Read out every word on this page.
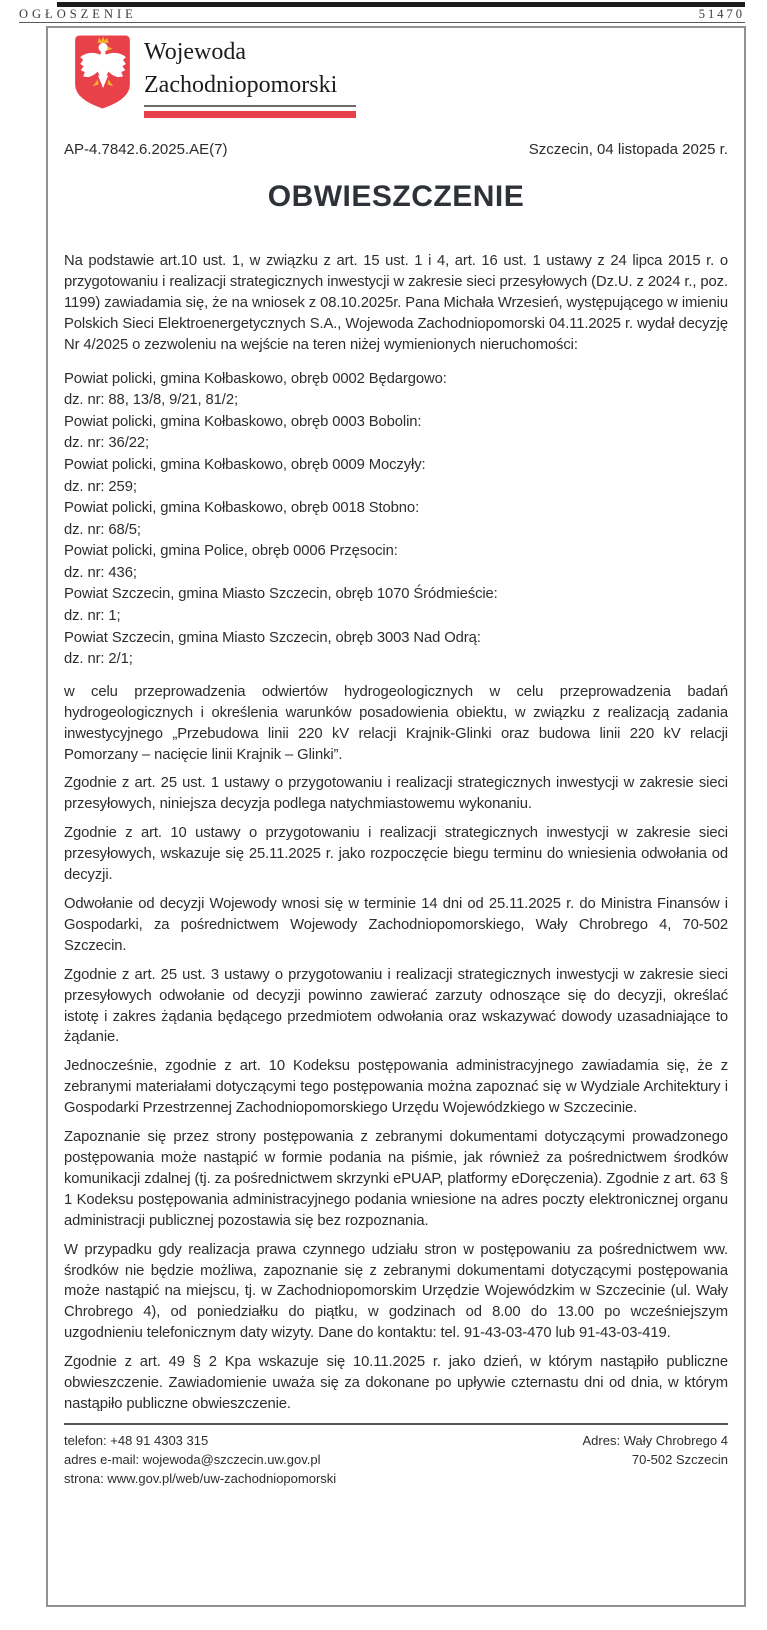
OGŁOSZENIE	51470
Wojewoda
Zachodniopomorski
AP-4.7842.6.2025.AE(7)	Szczecin, 04 listopada 2025 r.
OBWIESZCZENIE

Na podstawie art.10 ust. 1, w związku z art. 15 ust. 1 i 4, art. 16 ust. 1 ustawy z 24 lipca 2015 r. o przygotowaniu i realizacji strategicznych inwestycji w zakresie sieci przesyłowych (Dz.U. z 2024 r., poz. 1199) zawiadamia się, że na wniosek z 08.10.2025r. Pana Michała Wrzesień, występującego w imieniu Polskich Sieci Elektroenergetycznych S.A., Wojewoda Zachodniopomorski 04.11.2025 r. wydał decyzję Nr 4/2025 o zezwoleniu na wejście na teren niżej wymienionych nieruchomości:

Powiat policki, gmina Kołbaskowo, obręb 0002 Będargowo:
dz. nr: 88, 13/8, 9/21, 81/2;
Powiat policki, gmina Kołbaskowo, obręb 0003 Bobolin:
dz. nr: 36/22;
Powiat policki, gmina Kołbaskowo, obręb 0009 Moczyły:
dz. nr: 259;
Powiat policki, gmina Kołbaskowo, obręb 0018 Stobno:
dz. nr: 68/5;
Powiat policki, gmina Police, obręb 0006 Przęsocin:
dz. nr: 436;
Powiat Szczecin, gmina Miasto Szczecin, obręb 1070 Śródmieście:
dz. nr: 1;
Powiat Szczecin, gmina Miasto Szczecin, obręb 3003 Nad Odrą:
dz. nr: 2/1;

w celu przeprowadzenia odwiertów hydrogeologicznych w celu przeprowadzenia badań hydrogeologicznych i określenia warunków posadowienia obiektu, w związku z realizacją zadania inwestycyjnego „Przebudowa linii 220 kV relacji Krajnik-Glinki oraz budowa linii 220 kV relacji Pomorzany – nacięcie linii Krajnik – Glinki”.

Zgodnie z art. 25 ust. 1 ustawy o przygotowaniu i realizacji strategicznych inwestycji w zakresie sieci przesyłowych, niniejsza decyzja podlega natychmiastowemu wykonaniu.

Zgodnie z art. 10 ustawy o przygotowaniu i realizacji strategicznych inwestycji w zakresie sieci przesyłowych, wskazuje się 25.11.2025 r. jako rozpoczęcie biegu terminu do wniesienia odwołania od decyzji.

Odwołanie od decyzji Wojewody wnosi się w terminie 14 dni od 25.11.2025 r. do Ministra Finansów i Gospodarki, za pośrednictwem Wojewody Zachodniopomorskiego, Wały Chrobrego 4, 70-502 Szczecin.

Zgodnie z art. 25 ust. 3 ustawy o przygotowaniu i realizacji strategicznych inwestycji w zakresie sieci przesyłowych odwołanie od decyzji powinno zawierać zarzuty odnoszące się do decyzji, określać istotę i zakres żądania będącego przedmiotem odwołania oraz wskazywać dowody uzasadniające to żądanie.

Jednocześnie, zgodnie z art. 10 Kodeksu postępowania administracyjnego zawiadamia się, że z zebranymi materiałami dotyczącymi tego postępowania można zapoznać się w Wydziale Architektury i Gospodarki Przestrzennej Zachodniopomorskiego Urzędu Wojewódzkiego w Szczecinie.

Zapoznanie się przez strony postępowania z zebranymi dokumentami dotyczącymi prowadzonego postępowania może nastąpić w formie podania na piśmie, jak również za pośrednictwem środków komunikacji zdalnej (tj. za pośrednictwem skrzynki ePUAP, platformy eDoręczenia). Zgodnie z art. 63 § 1 Kodeksu postępowania administracyjnego podania wniesione na adres poczty elektronicznej organu administracji publicznej pozostawia się bez rozpoznania.

W przypadku gdy realizacja prawa czynnego udziału stron w postępowaniu za pośrednictwem ww. środków nie będzie możliwa, zapoznanie się z zebranymi dokumentami dotyczącymi postępowania może nastąpić na miejscu, tj. w Zachodniopomorskim Urzędzie Wojewódzkim w Szczecinie (ul. Wały Chrobrego 4), od poniedziałku do piątku, w godzinach od 8.00 do 13.00 po wcześniejszym uzgodnieniu telefonicznym daty wizyty. Dane do kontaktu: tel. 91-43-03-470 lub 91-43-03-419.

Zgodnie z art. 49 § 2 Kpa wskazuje się 10.11.2025 r. jako dzień, w którym nastąpiło publiczne obwieszczenie. Zawiadomienie uważa się za dokonane po upływie czternastu dni od dnia, w którym nastąpiło publiczne obwieszczenie.

telefon: +48 91 4303 315
adres e-mail: wojewoda@szczecin.uw.gov.pl
strona: www.gov.pl/web/uw-zachodniopomorski
Adres: Wały Chrobrego 4
70-502 Szczecin
